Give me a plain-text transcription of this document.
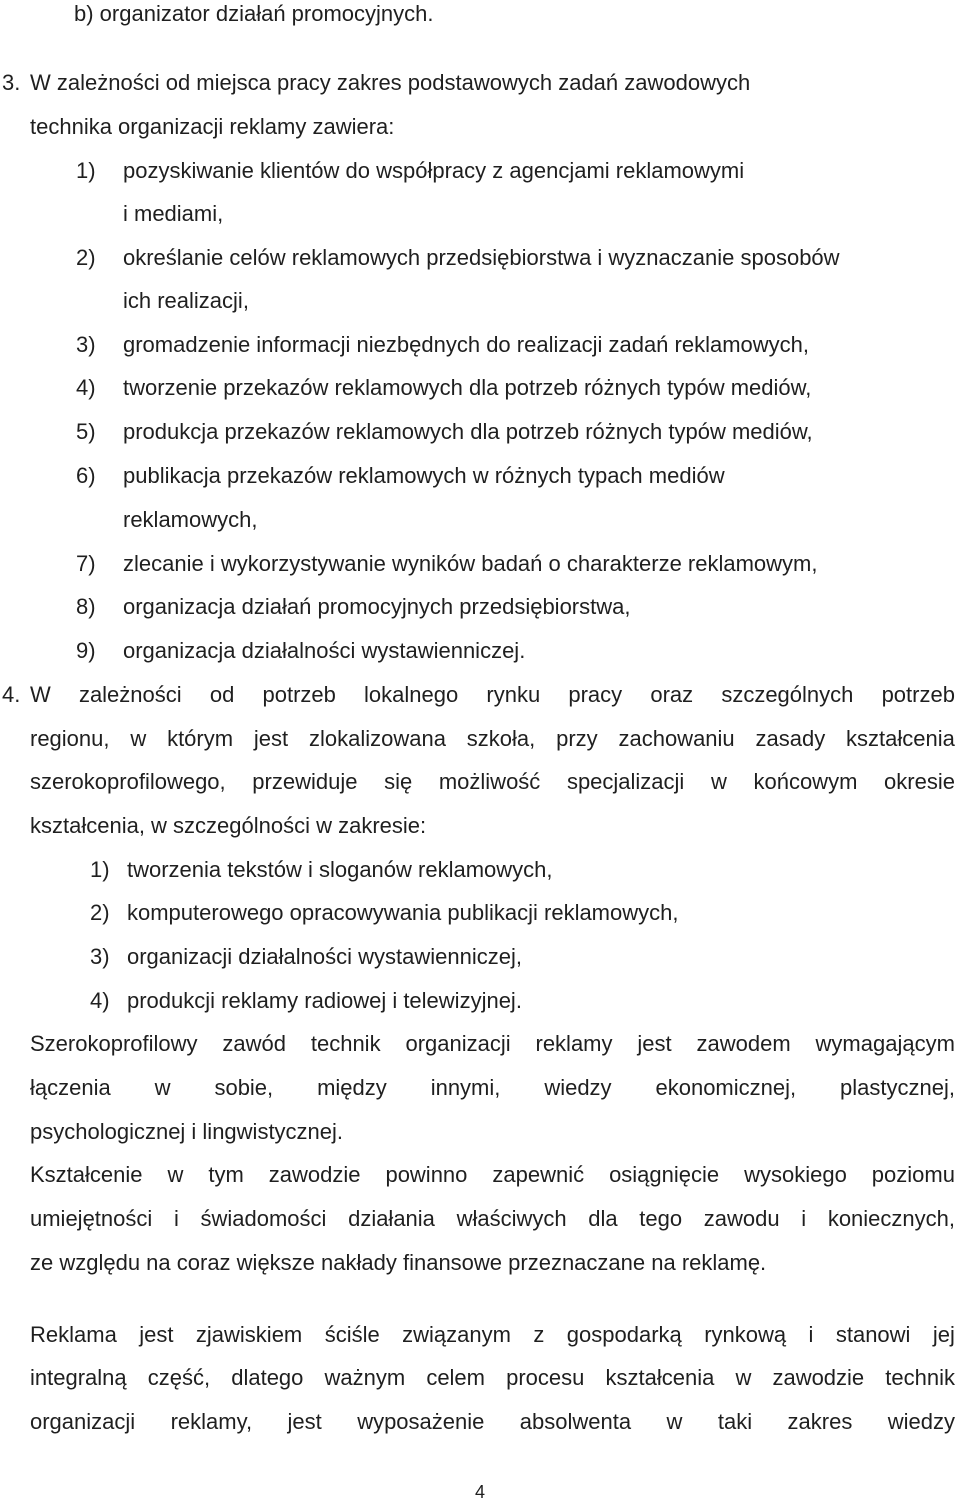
b) organizator działań promocyjnych.
3. W zależności od miejsca pracy zakres podstawowych zadań zawodowych
technika organizacji reklamy zawiera:
1) pozyskiwanie klientów do współpracy z agencjami reklamowymi
i mediami,
2) określanie celów reklamowych przedsiębiorstwa i wyznaczanie sposobów
ich realizacji,
3) gromadzenie informacji niezbędnych do realizacji zadań reklamowych,
4) tworzenie przekazów reklamowych dla potrzeb różnych typów mediów,
5) produkcja przekazów reklamowych dla potrzeb różnych typów mediów,
6) publikacja przekazów reklamowych w różnych typach mediów
reklamowych,
7) zlecanie i wykorzystywanie wyników badań o charakterze reklamowym,
8) organizacja działań promocyjnych przedsiębiorstwa,
9) organizacja działalności wystawienniczej.
4. W zależności od potrzeb lokalnego rynku pracy oraz szczególnych potrzeb
regionu, w którym jest zlokalizowana szkoła, przy zachowaniu zasady kształcenia
szerokoprofilowego, przewiduje się możliwość specjalizacji w końcowym okresie
kształcenia, w szczególności w zakresie:
1) tworzenia tekstów i sloganów reklamowych,
2) komputerowego opracowywania publikacji reklamowych,
3) organizacji działalności wystawienniczej,
4) produkcji reklamy radiowej i telewizyjnej.
Szerokoprofilowy zawód technik organizacji reklamy jest zawodem wymagającym
łączenia w sobie, między innymi, wiedzy ekonomicznej, plastycznej,
psychologicznej i lingwistycznej.
Kształcenie w tym zawodzie powinno zapewnić osiągnięcie wysokiego poziomu
umiejętności i świadomości działania właściwych dla tego zawodu i koniecznych,
ze względu na coraz większe nakłady finansowe przeznaczane na reklamę.
Reklama jest zjawiskiem ściśle związanym z gospodarką rynkową i stanowi jej
integralną część, dlatego ważnym celem procesu kształcenia w zawodzie technik
organizacji reklamy, jest wyposażenie absolwenta w taki zakres wiedzy
4
